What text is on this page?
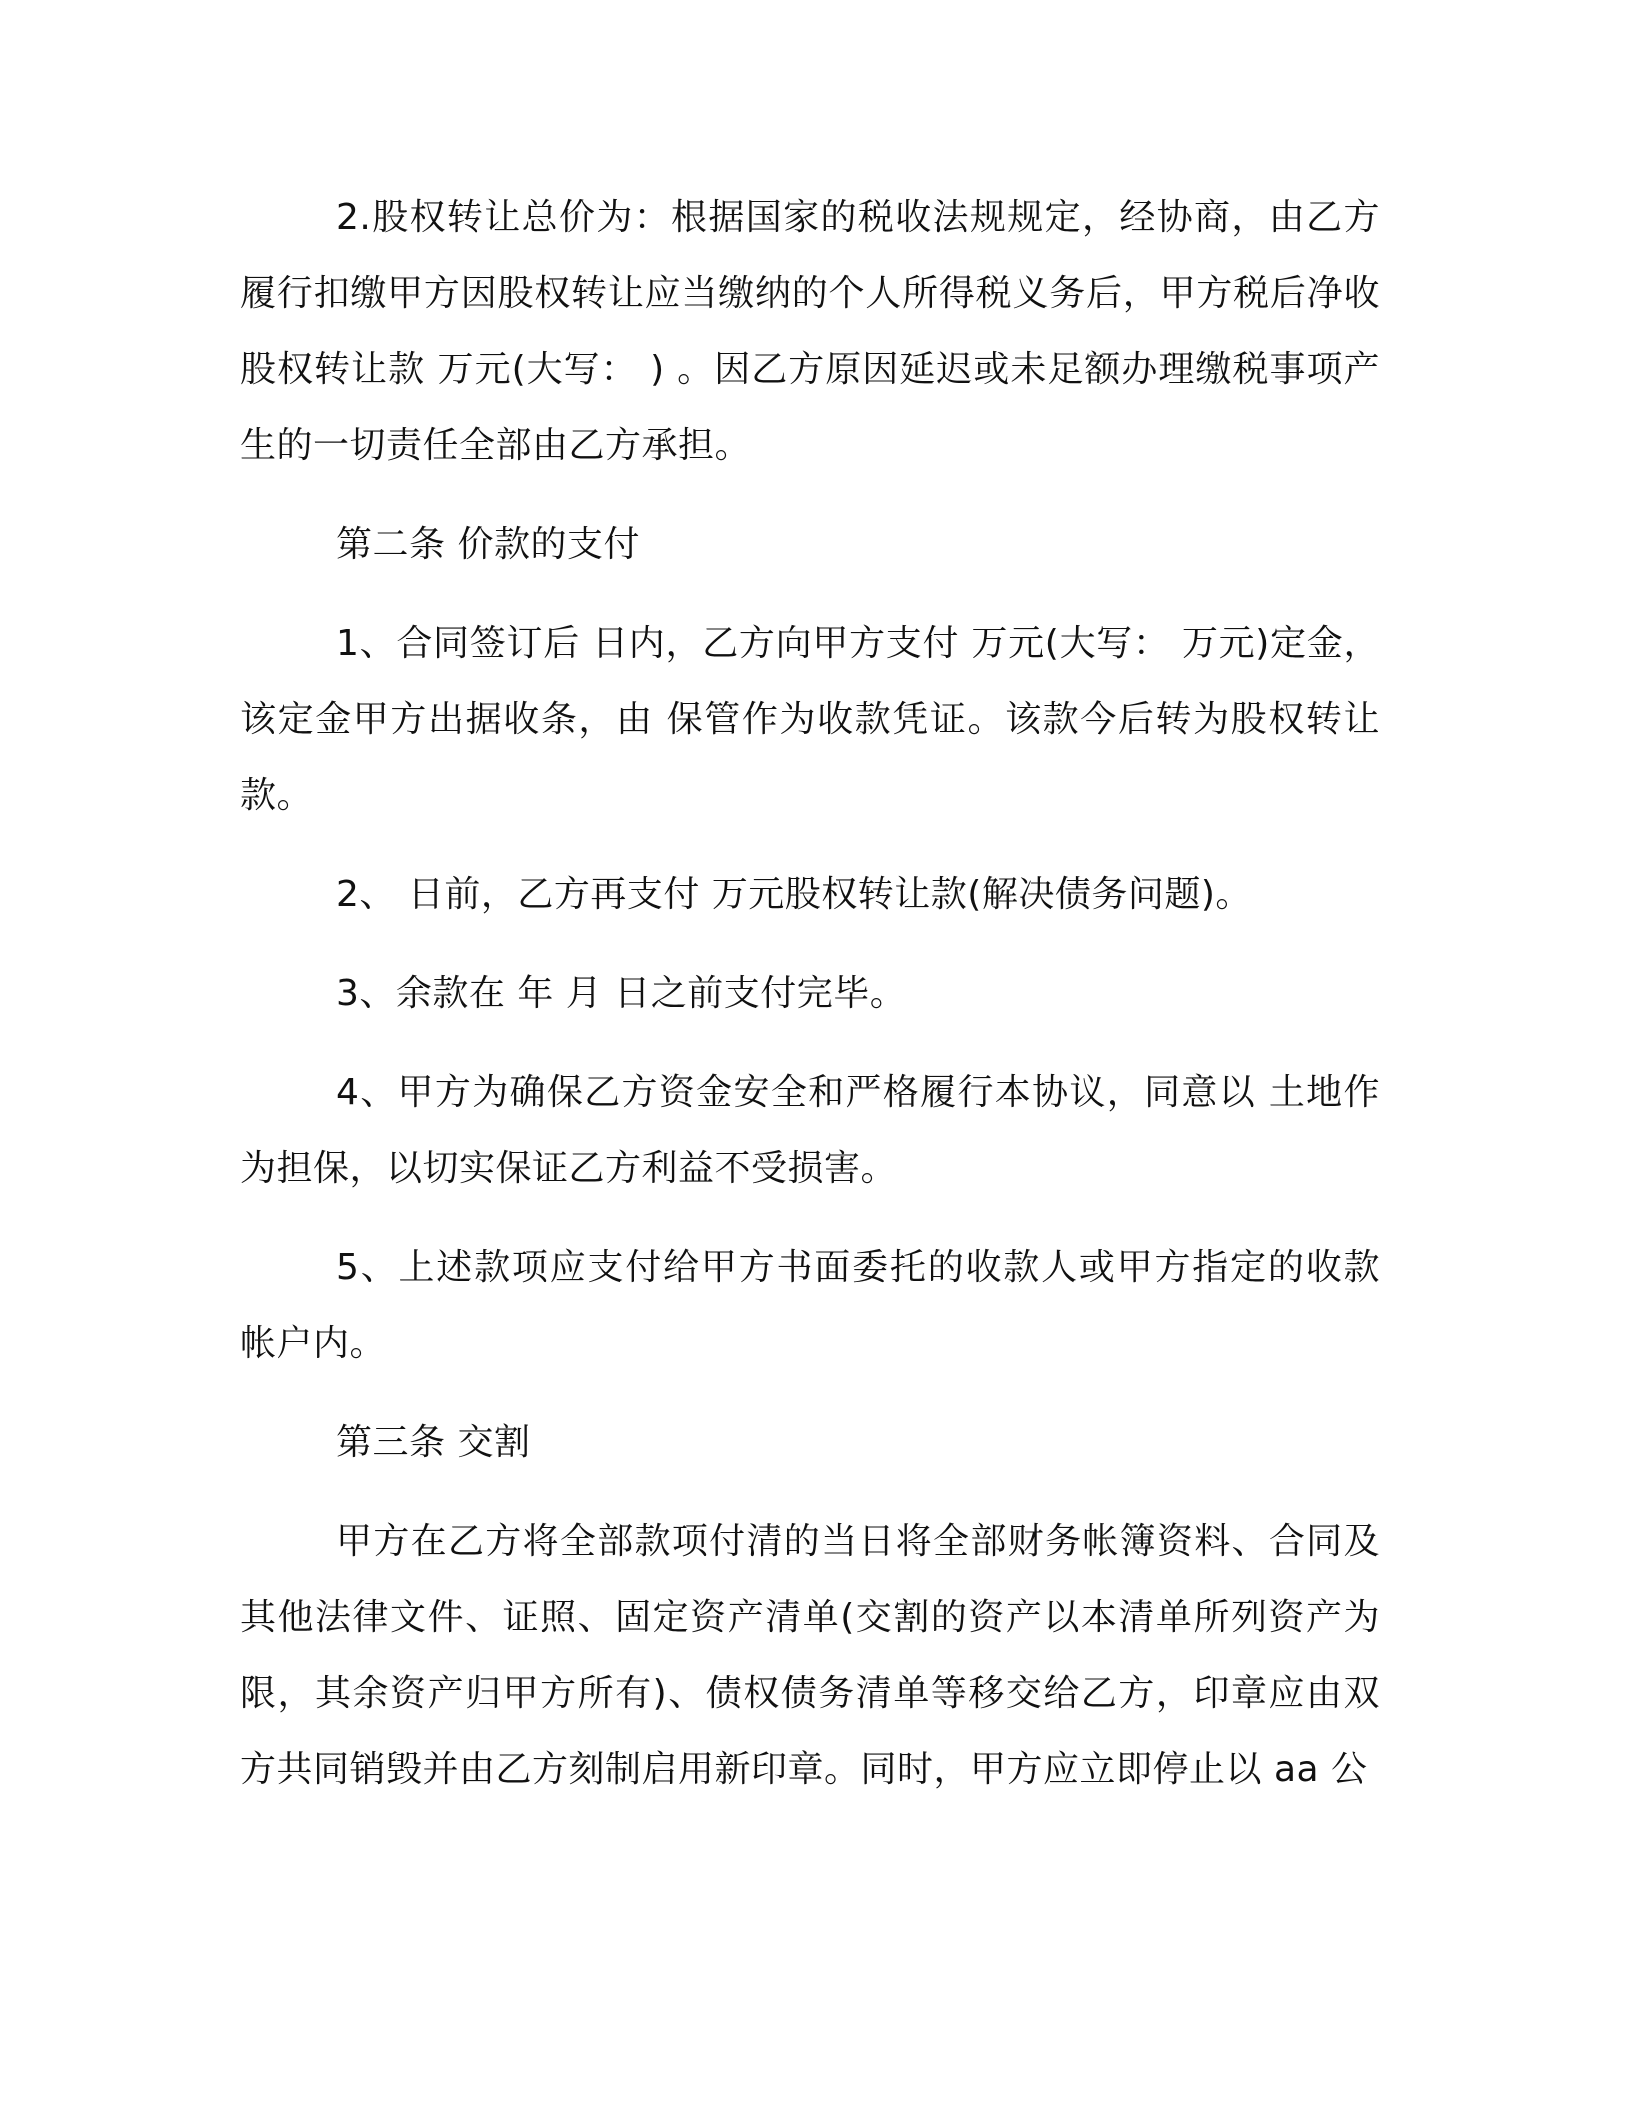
2.股权转让总价为：根据国家的税收法规规定，经协商，由乙方履行扣缴甲方因股权转让应当缴纳的个人所得税义务后，甲方税后净收股权转让款 万元(大写： ) 。因乙方原因延迟或未足额办理缴税事项产生的一切责任全部由乙方承担。

第二条 价款的支付

1、合同签订后 日内，乙方向甲方支付 万元(大写： 万元)定金，该定金甲方出据收条，由 保管作为收款凭证。该款今后转为股权转让款。

2、 日前，乙方再支付 万元股权转让款(解决债务问题)。

3、余款在 年 月 日之前支付完毕。

4、甲方为确保乙方资金安全和严格履行本协议，同意以 土地作为担保，以切实保证乙方利益不受损害。

5、上述款项应支付给甲方书面委托的收款人或甲方指定的收款帐户内。

第三条 交割

甲方在乙方将全部款项付清的当日将全部财务帐簿资料、合同及其他法律文件、证照、固定资产清单(交割的资产以本清单所列资产为限，其余资产归甲方所有)、债权债务清单等移交给乙方，印章应由双方共同销毁并由乙方刻制启用新印章。同时，甲方应立即停止以 aa 公
